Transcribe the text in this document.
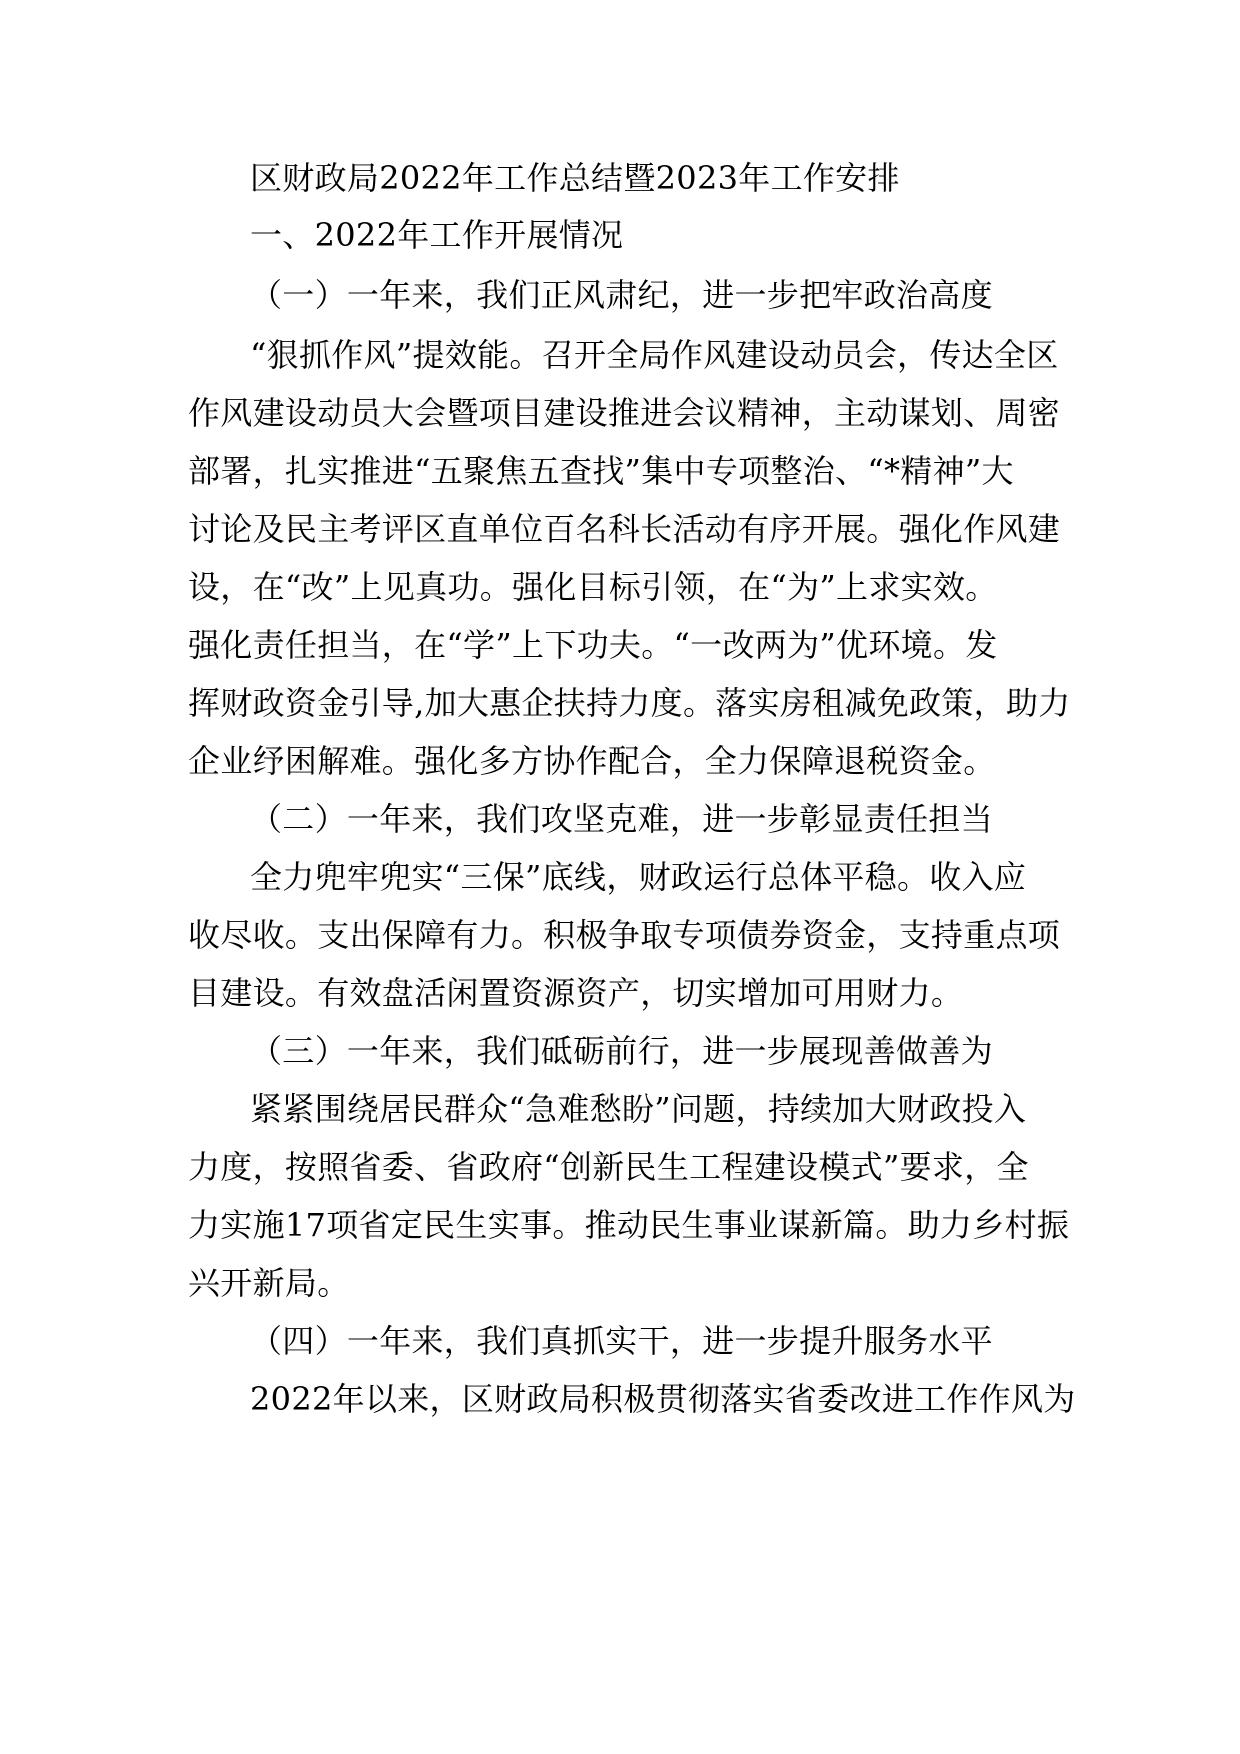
区财政局2022年工作总结暨2023年工作安排
一、2022年工作开展情况
（一）一年来，我们正风肃纪，进一步把牢政治高度
“狠抓作风”提效能。召开全局作风建设动员会，传达全区
作风建设动员大会暨项目建设推进会议精神，主动谋划、周密
部署，扎实推进“五聚焦五查找”集中专项整治、“*精神”大
讨论及民主考评区直单位百名科长活动有序开展。强化作风建
设，在“改”上见真功。强化目标引领，在“为”上求实效。
强化责任担当，在“学”上下功夫。“一改两为”优环境。发
挥财政资金引导,加大惠企扶持力度。落实房租减免政策，助力
企业纾困解难。强化多方协作配合，全力保障退税资金。
（二）一年来，我们攻坚克难，进一步彰显责任担当
全力兜牢兜实“三保”底线，财政运行总体平稳。收入应
收尽收。支出保障有力。积极争取专项债券资金，支持重点项
目建设。有效盘活闲置资源资产，切实增加可用财力。
（三）一年来，我们砥砺前行，进一步展现善做善为
紧紧围绕居民群众“急难愁盼”问题，持续加大财政投入
力度，按照省委、省政府“创新民生工程建设模式”要求，全
力实施17项省定民生实事。推动民生事业谋新篇。助力乡村振
兴开新局。
（四）一年来，我们真抓实干，进一步提升服务水平
2022年以来，区财政局积极贯彻落实省委改进工作作风为
